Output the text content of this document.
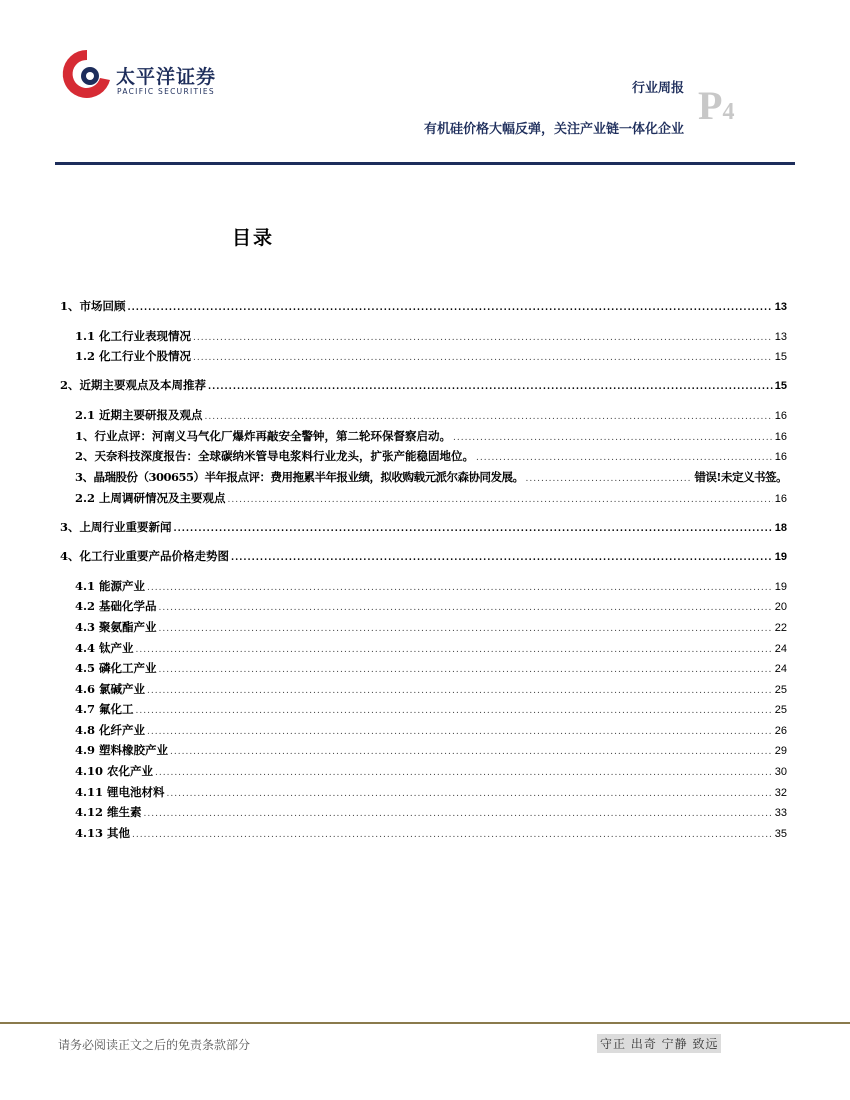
太平洋证券
PACIFIC SECURITIES	行业周报 P4
有机硅价格大幅反弹，关注产业链一体化企业
目录
1、市场回顾 .....	13
1.1 化工行业表现情况 .....	13
1.2 化工行业个股情况 .....	15
2、近期主要观点及本周推荐 .....	15
2.1 近期主要研报及观点 .....	16
1、行业点评：河南义马气化厂爆炸再敲安全警钟，第二轮环保督察启动。 .....	16
2、天奈科技深度报告：全球碳纳米管导电浆料行业龙头，扩张产能稳固地位。 .....	16
3、晶瑞股份（300655）半年报点评：费用拖累半年报业绩，拟收购载元派尔森协同发展。 .....	错误!未定义书签。
2.2 上周调研情况及主要观点 .....	16
3、上周行业重要新闻 .....	18
4、化工行业重要产品价格走势图 .....	19
4.1 能源产业 .....	19
4.2 基础化学品 .....	20
4.3 聚氨酯产业 .....	22
4.4 钛产业 .....	24
4.5 磷化工产业 .....	24
4.6 氯碱产业 .....	25
4.7 氟化工 .....	25
4.8 化纤产业 .....	26
4.9 塑料橡胶产业 .....	29
4.10 农化产业 .....	30
4.11 锂电池材料 .....	32
4.12 维生素 .....	33
4.13 其他 .....	35
请务必阅读正文之后的免责条款部分	守正 出奇 宁静 致远
